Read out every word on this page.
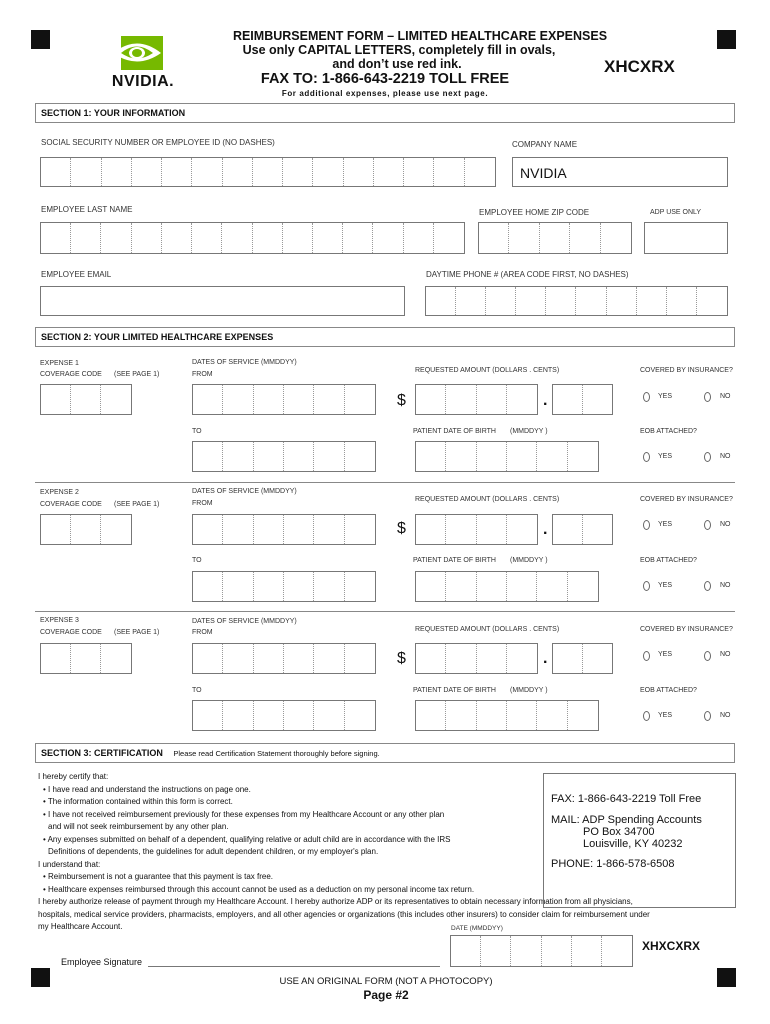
NVIDIA.
REIMBURSEMENT FORM – LIMITED HEALTHCARE EXPENSES
Use only CAPITAL LETTERS, completely fill in ovals,
and don’t use red ink.
FAX TO: 1-866-643-2219 TOLL FREE
For additional expenses, please use next page.
XHCXRX
SECTION 1: YOUR INFORMATION
SOCIAL SECURITY NUMBER OR EMPLOYEE ID (NO DASHES)	COMPANY NAME
NVIDIA
EMPLOYEE LAST NAME	EMPLOYEE HOME ZIP CODE	ADP USE ONLY
EMPLOYEE EMAIL	DAYTIME PHONE # (AREA CODE FIRST, NO DASHES)
SECTION 2: YOUR LIMITED HEALTHCARE EXPENSES
EXPENSE 1
COVERAGE CODE (SEE PAGE 1)
DATES OF SERVICE (MMDDYY)
FROM
REQUESTED AMOUNT (DOLLARS . CENTS)	COVERED BY INSURANCE?
$	.	YES	NO
TO	PATIENT DATE OF BIRTH (MMDDYY )	EOB ATTACHED?
YES	NO
EXPENSE 2
COVERAGE CODE (SEE PAGE 1)
DATES OF SERVICE (MMDDYY)
FROM
REQUESTED AMOUNT (DOLLARS . CENTS)	COVERED BY INSURANCE?
$	.	YES	NO
TO	PATIENT DATE OF BIRTH (MMDDYY )	EOB ATTACHED?
YES	NO
EXPENSE 3
COVERAGE CODE (SEE PAGE 1)
DATES OF SERVICE (MMDDYY)
FROM	REQUESTED AMOUNT (DOLLARS . CENTS)	COVERED BY INSURANCE?
$	.	YES	NO
TO	PATIENT DATE OF BIRTH (MMDDYY )	EOB ATTACHED?
YES	NO
SECTION 3: CERTIFICATION Please read Certification Statement thoroughly before signing.
I hereby certify that:
• I have read and understand the instructions on page one.
• The information contained within this form is correct.
• I have not received reimbursement previously for these expenses from my Healthcare Account or any other plan
and will not seek reimbursement by any other plan.
• Any expenses submitted on behalf of a dependent, qualifying relative or adult child are in accordance with the IRS
Definitions of dependents, the guidelines for adult dependent children, or my employer's plan.
I understand that:
• Reimbursement is not a guarantee that this payment is tax free.
• Healthcare expenses reimbursed through this account cannot be used as a deduction on my personal income tax return.
I hereby authorize release of payment through my Healthcare Account. I hereby authorize ADP or its representatives to obtain necessary information from all physicians,
hospitals, medical service providers, pharmacists, employers, and all other agencies or organizations (this includes other insurers) to consider claim for reimbursement under
my Healthcare Account.
FAX: 1-866-643-2219 Toll Free
MAIL: ADP Spending Accounts
PO Box 34700
Louisville, KY 40232
PHONE: 1-866-578-6508
DATE (MMDDYY)
XHXCXRX
Employee Signature
USE AN ORIGINAL FORM (NOT A PHOTOCOPY)
Page #2
